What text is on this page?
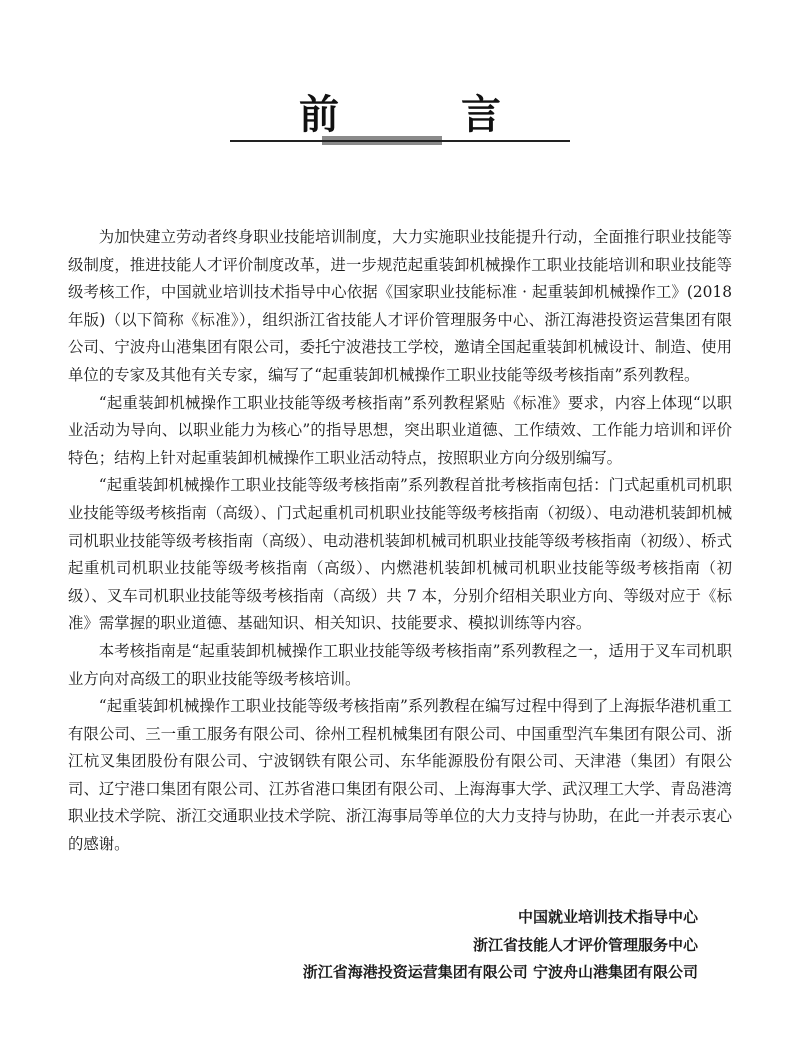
前 言

为加快建立劳动者终身职业技能培训制度，大力实施职业技能提升行动，全面推行职业技能等级制度，推进技能人才评价制度改革，进一步规范起重装卸机械操作工职业技能培训和职业技能等级考核工作，中国就业培训技术指导中心依据《国家职业技能标准 · 起重装卸机械操作工》(2018 年版)（以下简称《标准》），组织浙江省技能人才评价管理服务中心、浙江海港投资运营集团有限公司、宁波舟山港集团有限公司，委托宁波港技工学校，邀请全国起重装卸机械设计、制造、使用单位的专家及其他有关专家，编写了“起重装卸机械操作工职业技能等级考核指南”系列教程。

“起重装卸机械操作工职业技能等级考核指南”系列教程紧贴《标准》要求，内容上体现“以职业活动为导向、以职业能力为核心”的指导思想，突出职业道德、工作绩效、工作能力培训和评价特色；结构上针对起重装卸机械操作工职业活动特点，按照职业方向分级别编写。

“起重装卸机械操作工职业技能等级考核指南”系列教程首批考核指南包括：门式起重机司机职业技能等级考核指南（高级）、门式起重机司机职业技能等级考核指南（初级）、电动港机装卸机械司机职业技能等级考核指南（高级）、电动港机装卸机械司机职业技能等级考核指南（初级）、桥式起重机司机职业技能等级考核指南（高级）、内燃港机装卸机械司机职业技能等级考核指南（初级）、叉车司机职业技能等级考核指南（高级）共 7 本，分别介绍相关职业方向、等级对应于《标准》需掌握的职业道德、基础知识、相关知识、技能要求、模拟训练等内容。

本考核指南是“起重装卸机械操作工职业技能等级考核指南”系列教程之一，适用于叉车司机职业方向对高级工的职业技能等级考核培训。

“起重装卸机械操作工职业技能等级考核指南”系列教程在编写过程中得到了上海振华港机重工有限公司、三一重工服务有限公司、徐州工程机械集团有限公司、中国重型汽车集团有限公司、浙江杭叉集团股份有限公司、宁波钢铁有限公司、东华能源股份有限公司、天津港（集团）有限公司、辽宁港口集团有限公司、江苏省港口集团有限公司、上海海事大学、武汉理工大学、青岛港湾职业技术学院、浙江交通职业技术学院、浙江海事局等单位的大力支持与协助，在此一并表示衷心的感谢。

中国就业培训技术指导中心
浙江省技能人才评价管理服务中心
浙江省海港投资运营集团有限公司 宁波舟山港集团有限公司
